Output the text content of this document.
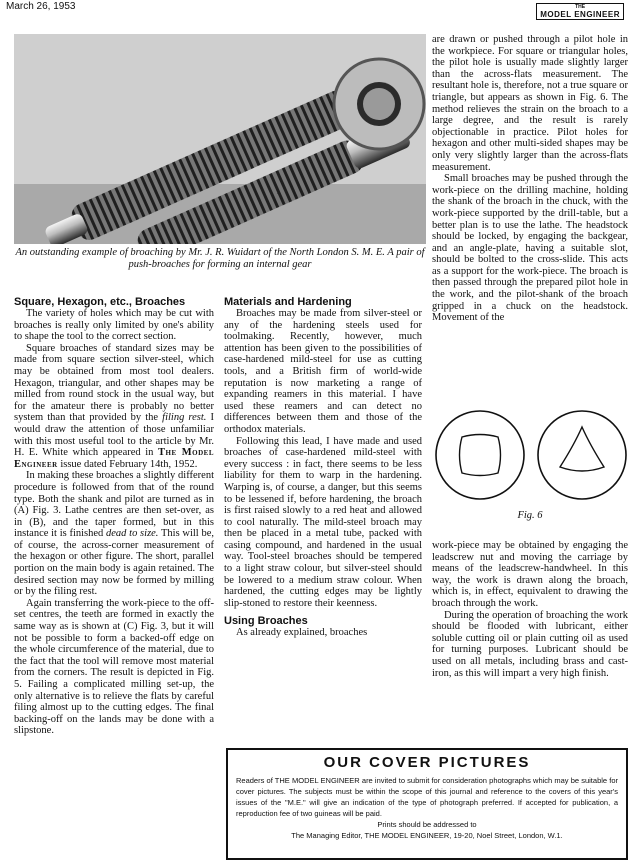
March 26, 1953	THE
MODEL ENGINEER
An outstanding example of broaching by Mr. J. R. Wuidart of the North London S. M. E. A pair of push-broaches for forming an internal gear
Square, Hexagon, etc., Broaches

The variety of holes which may be cut with broaches is really only limited by one's ability to shape the tool to the correct section.

Square broaches of standard sizes may be made from square section silver-steel, which may be obtained from most tool dealers. Hexagon, triangular, and other shapes may be milled from round stock in the usual way, but for the amateur there is probably no better system than that provided by the filing rest. I would draw the attention of those unfamiliar with this most useful tool to the article by Mr. H. E. White which appeared in The Model Engineer issue dated February 14th, 1952.

In making these broaches a slightly different procedure is followed from that of the round type. Both the shank and pilot are turned as in (A) Fig. 3. Lathe centres are then set-over, as in (B), and the taper formed, but in this instance it is finished dead to size. This will be, of course, the across-corner measurement of the hexagon or other figure. The short, parallel portion on the main body is again retained. The desired section may now be formed by milling or by the filing rest.

Again transferring the work-piece to the off-set centres, the teeth are formed in exactly the same way as is shown at (C) Fig. 3, but it will not be possible to form a backed-off edge on the whole circumference of the material, due to the fact that the tool will remove most material from the corners. The result is depicted in Fig. 5. Failing a complicated milling set-up, the only alternative is to relieve the flats by careful filing almost up to the cutting edges. The final backing-off on the lands may be done with a slipstone.

Materials and Hardening

Broaches may be made from silver-steel or any of the hardening steels used for toolmaking. Recently, however, much attention has been given to the possibilities of case-hardened mild-steel for use as cutting tools, and a British firm of world-wide reputation is now marketing a range of expanding reamers in this material. I have used these reamers and can detect no differences between them and those of the orthodox materials.

Following this lead, I have made and used broaches of case-hardened mild-steel with every success : in fact, there seems to be less liability for them to warp in the hardening. Warping is, of course, a danger, but this seems to be lessened if, before hardening, the broach is first raised slowly to a red heat and allowed to cool naturally. The mild-steel broach may then be placed in a metal tube, packed with casing compound, and hardened in the usual way. Tool-steel broaches should be tempered to a light straw colour, but silver-steel should be lowered to a medium straw colour. When hardened, the cutting edges may be lightly slip-stoned to restore their keenness.

Using Broaches

As already explained, broaches

are drawn or pushed through a pilot hole in the workpiece. For square or triangular holes, the pilot hole is usually made slightly larger than the across-flats measurement. The resultant hole is, therefore, not a true square or triangle, but appears as shown in Fig. 6. The method relieves the strain on the broach to a large degree, and the result is rarely objectionable in practice. Pilot holes for hexagon and other multi-sided shapes may be only very slightly larger than the across-flats measurement.

Small broaches may be pushed through the work-piece on the drilling machine, holding the shank of the broach in the chuck, with the work-piece supported by the drill-table, but a better plan is to use the lathe. The headstock should be locked, by engaging the backgear, and an angle-plate, having a suitable slot, should be bolted to the cross-slide. This acts as a support for the work-piece. The broach is then passed through the prepared pilot hole in the work, and the pilot-shank of the broach gripped in a chuck on the headstock. Movement of the

Fig. 6

work-piece may be obtained by engaging the leadscrew nut and moving the carriage by means of the leadscrew-handwheel. In this way, the work is drawn along the broach, which is, in effect, equivalent to drawing the broach through the work.

During the operation of broaching the work should be flooded with lubricant, either soluble cutting oil or plain cutting oil as used for turning purposes. Lubricant should be used on all metals, including brass and cast-iron, as this will impart a very high finish.

OUR COVER PICTURES

Readers of THE MODEL ENGINEER are invited to submit for consideration photographs which may be suitable for cover pictures. The subjects must be within the scope of this journal and reference to the covers of this year's issues of the "M.E." will give an indication of the type of photograph preferred. If accepted for publication, a reproduction fee of two guineas will be paid.

Prints should be addressed to
The Managing Editor, THE MODEL ENGINEER, 19-20, Noel Street, London, W.1.
